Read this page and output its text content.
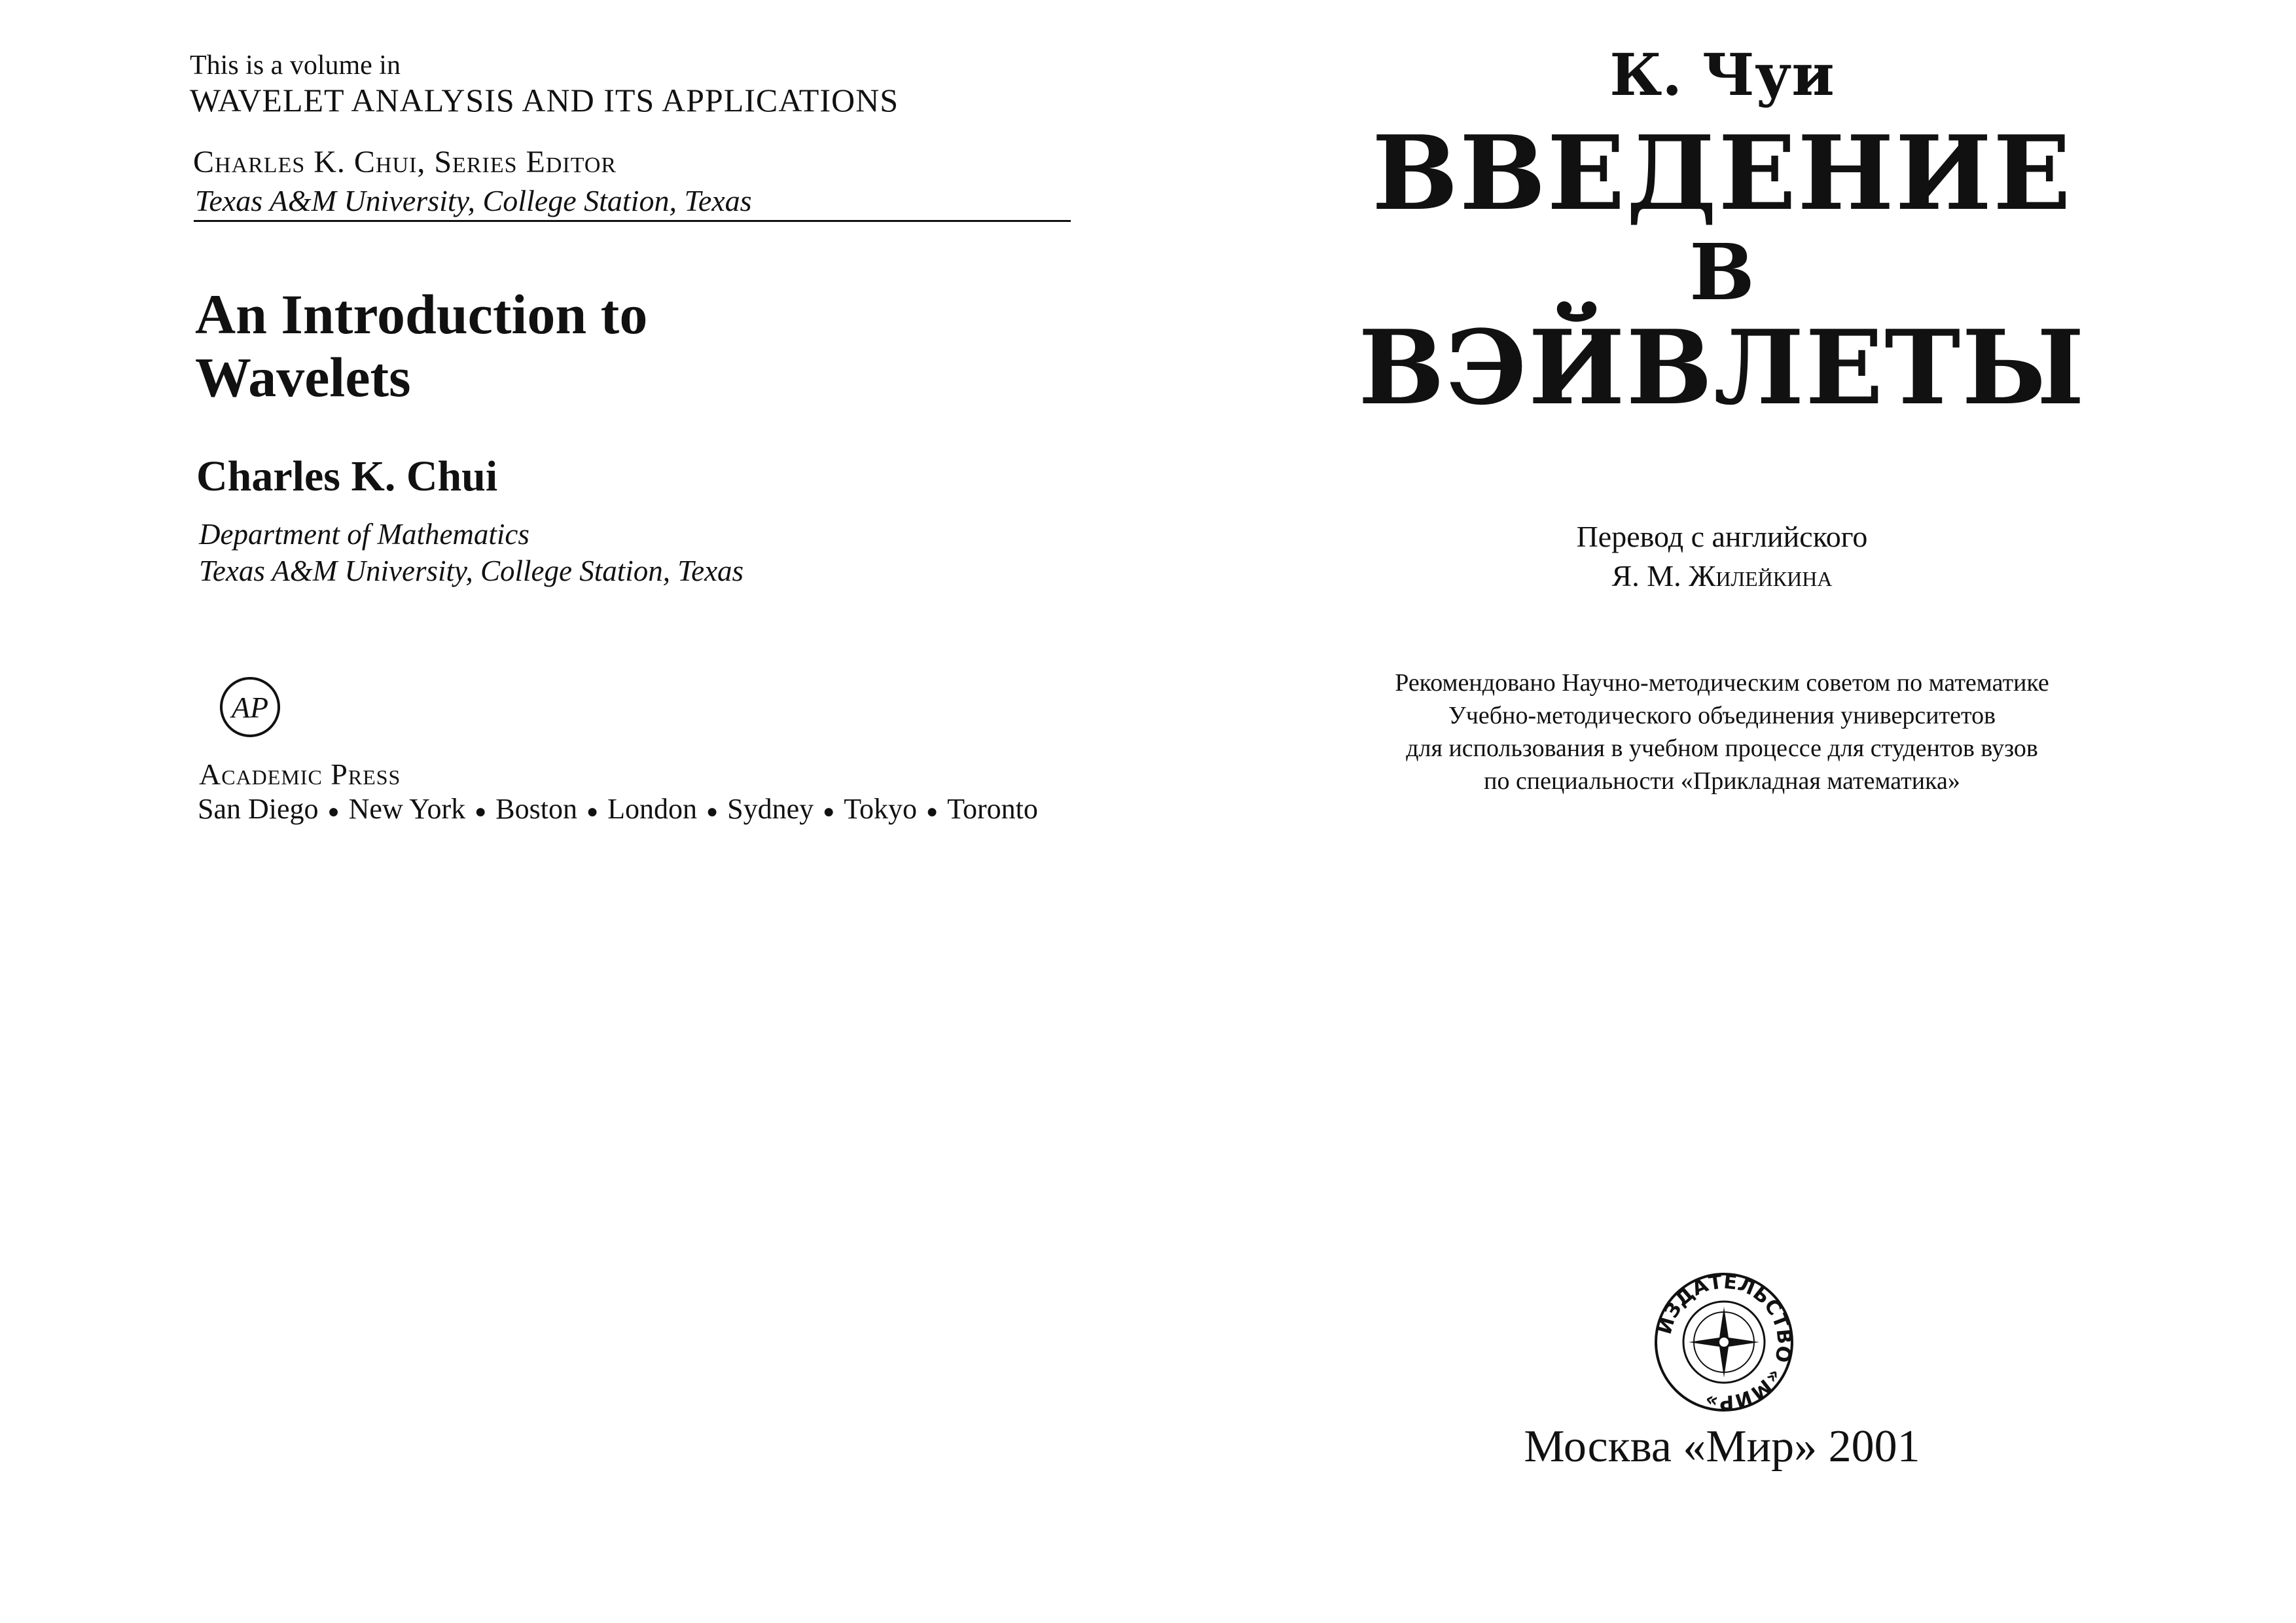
This is a volume in
WAVELET ANALYSIS AND ITS APPLICATIONS
Charles K. Chui, Series Editor
Texas A&M University, College Station, Texas
An Introduction to
Wavelets
Charles K. Chui
Department of Mathematics
Texas A&M University, College Station, Texas
AP
Academic Press
San Diego ● New York ● Boston ● London ● Sydney ● Tokyo ● Toronto
К. Чуи
ВВЕДЕНИЕ
В
ВЭЙВЛЕТЫ
Перевод с английского
Я. М. Жилейкина
Рекомендовано Научно-методическим советом по математике
Учебно-методического объединения университетов
для использования в учебном процессе для студентов вузов
по специальности «Прикладная математика»
ИЗДАТЕЛЬСТВО «МИР»
Москва «Мир» 2001
